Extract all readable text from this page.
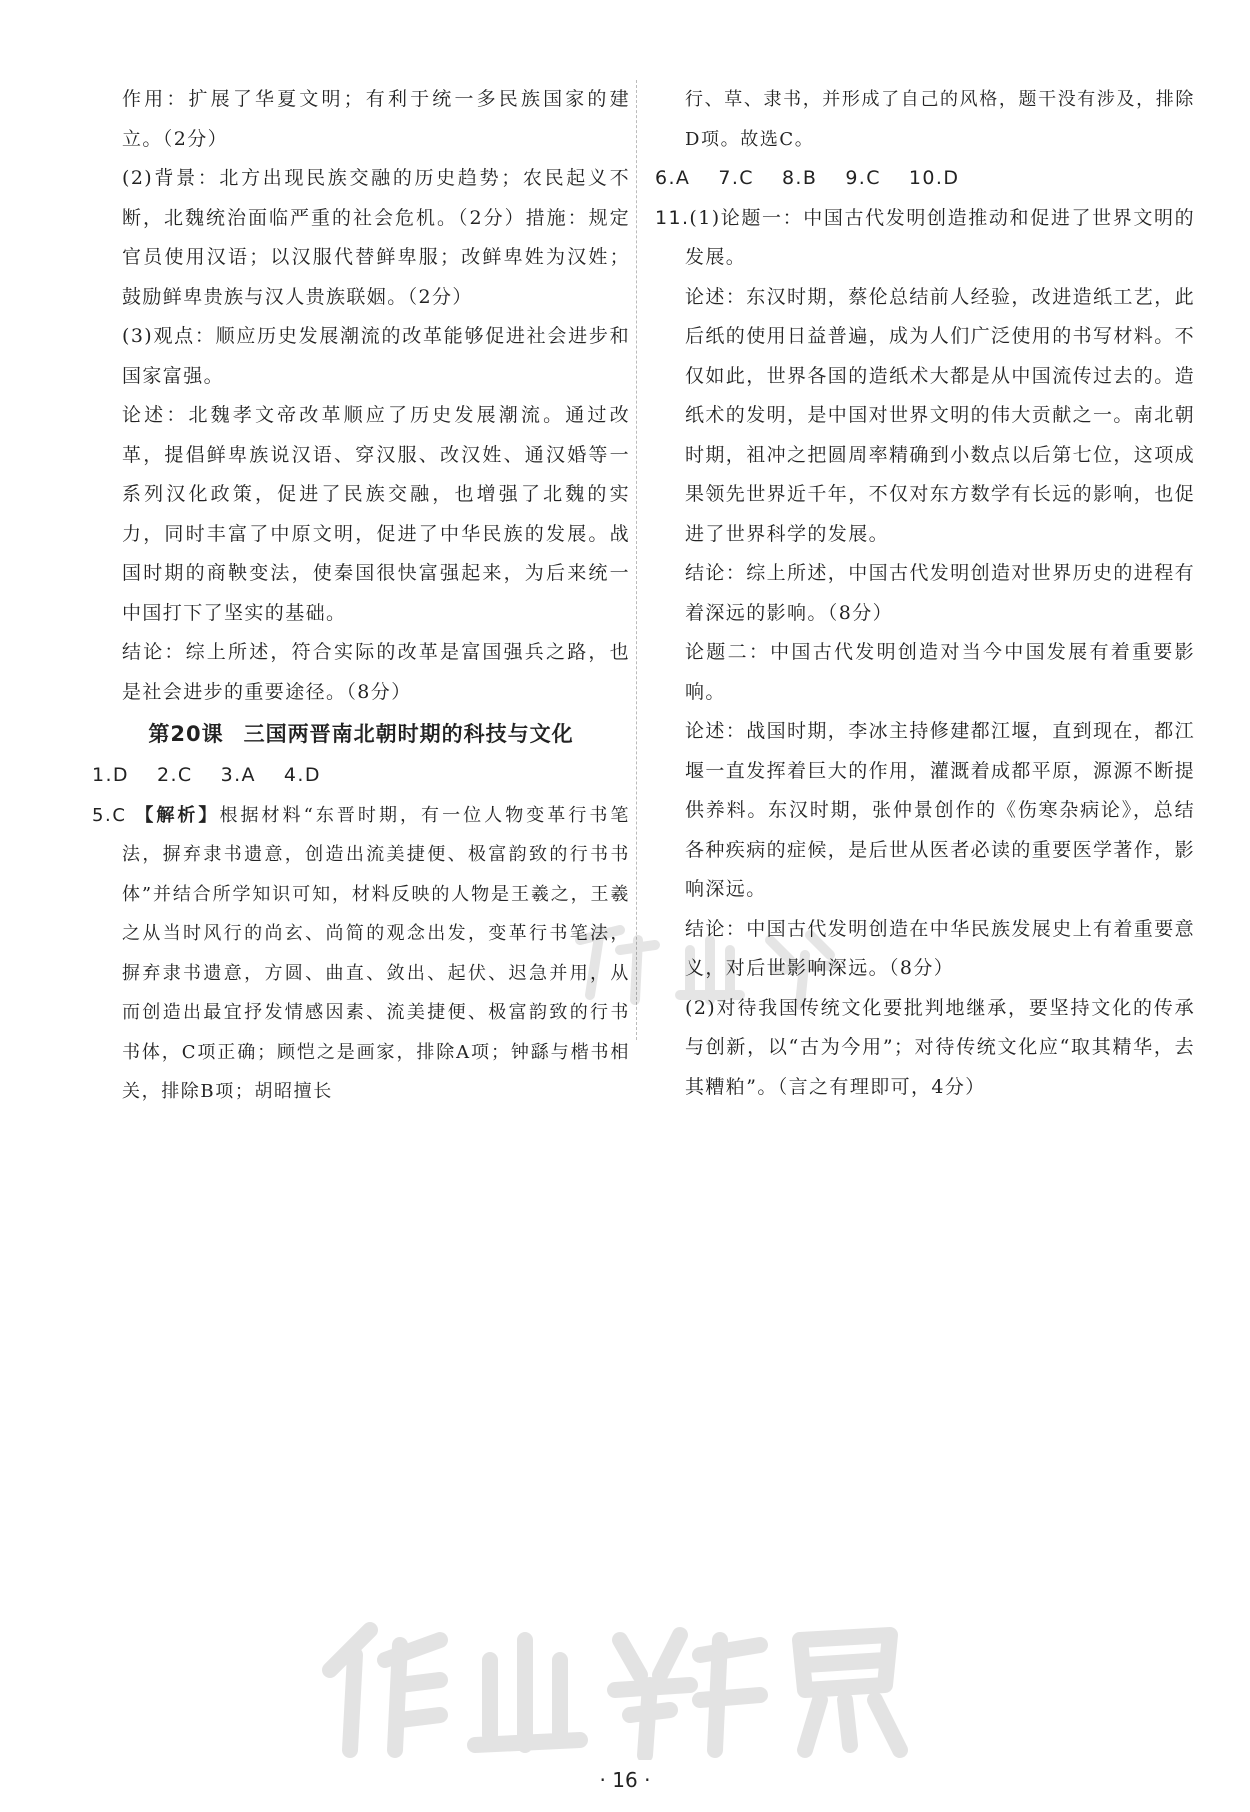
作用：扩展了华夏文明；有利于统一多民族国家的建立。（2分）

(2)背景：北方出现民族交融的历史趋势；农民起义不断，北魏统治面临严重的社会危机。（2分）措施：规定官员使用汉语；以汉服代替鲜卑服；改鲜卑姓为汉姓；鼓励鲜卑贵族与汉人贵族联姻。（2分）

(3)观点：顺应历史发展潮流的改革能够促进社会进步和国家富强。

论述：北魏孝文帝改革顺应了历史发展潮流。通过改革，提倡鲜卑族说汉语、穿汉服、改汉姓、通汉婚等一系列汉化政策，促进了民族交融，也增强了北魏的实力，同时丰富了中原文明，促进了中华民族的发展。战国时期的商鞅变法，使秦国很快富强起来，为后来统一中国打下了坚实的基础。

结论：综上所述，符合实际的改革是富国强兵之路，也是社会进步的重要途径。（8分）

第20课 三国两晋南北朝时期的科技与文化

1.D 2.C 3.A 4.D

5.C 【解析】根据材料“东晋时期，有一位人物变革行书笔法，摒弃隶书遗意，创造出流美捷便、极富韵致的行书书体”并结合所学知识可知，材料反映的人物是王羲之，王羲之从当时风行的尚玄、尚简的观念出发，变革行书笔法，摒弃隶书遗意，方圆、曲直、敛出、起伏、迟急并用，从而创造出最宜抒发情感因素、流美捷便、极富韵致的行书书体，C项正确；顾恺之是画家，排除A项；钟繇与楷书相关，排除B项；胡昭擅长

行、草、隶书，并形成了自己的风格，题干没有涉及，排除D项。故选C。

6.A 7.C 8.B 9.C 10.D

11.(1)论题一：中国古代发明创造推动和促进了世界文明的发展。

论述：东汉时期，蔡伦总结前人经验，改进造纸工艺，此后纸的使用日益普遍，成为人们广泛使用的书写材料。不仅如此，世界各国的造纸术大都是从中国流传过去的。造纸术的发明，是中国对世界文明的伟大贡献之一。南北朝时期，祖冲之把圆周率精确到小数点以后第七位，这项成果领先世界近千年，不仅对东方数学有长远的影响，也促进了世界科学的发展。

结论：综上所述，中国古代发明创造对世界历史的进程有着深远的影响。（8分）

论题二：中国古代发明创造对当今中国发展有着重要影响。

论述：战国时期，李冰主持修建都江堰，直到现在，都江堰一直发挥着巨大的作用，灌溉着成都平原，源源不断提供养料。东汉时期，张仲景创作的《伤寒杂病论》，总结各种疾病的症候，是后世从医者必读的重要医学著作，影响深远。

结论：中国古代发明创造在中华民族发展史上有着重要意义，对后世影响深远。（8分）

(2)对待我国传统文化要批判地继承，要坚持文化的传承与创新，以“古为今用”；对待传统文化应“取其精华，去其糟粕”。（言之有理即可，4分）

· 16 ·
